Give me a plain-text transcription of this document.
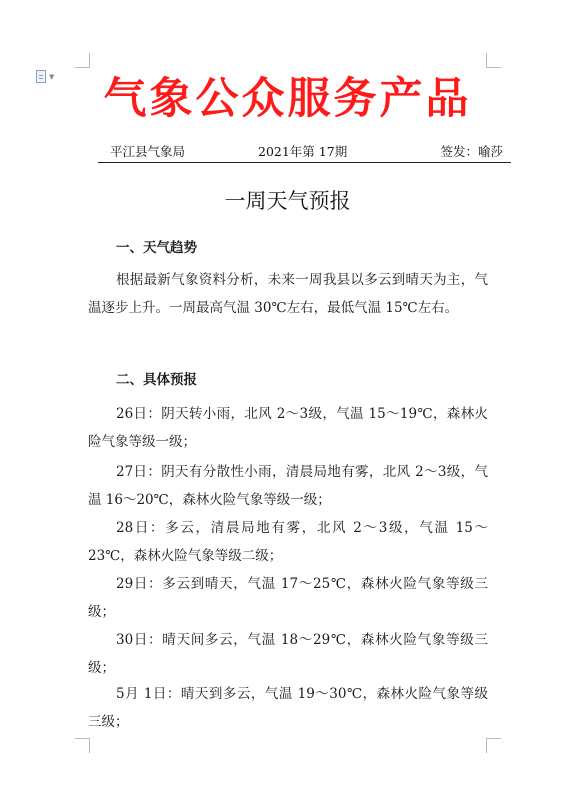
▼	气象公众服务产品
平江县气象局	2021年第 17期	签发：喻莎
一周天气预报
一、天气趋势
根据最新气象资料分析，未来一周我县以多云到晴天为主，气温逐步上升。一周最高气温 30℃左右，最低气温 15℃左右。
二、具体预报
26日：阴天转小雨，北风 2～3级，气温 15～19℃，森林火险气象等级一级；
27日：阴天有分散性小雨，清晨局地有雾，北风 2～3级，气温 16～20℃，森林火险气象等级一级；
28日：多云，清晨局地有雾，北风 2～3级，气温 15～23℃，森林火险气象等级二级；
29日：多云到晴天，气温 17～25℃，森林火险气象等级三级；
30日：晴天间多云，气温 18～29℃，森林火险气象等级三级；
5月 1日：晴天到多云，气温 19～30℃，森林火险气象等级三级；
